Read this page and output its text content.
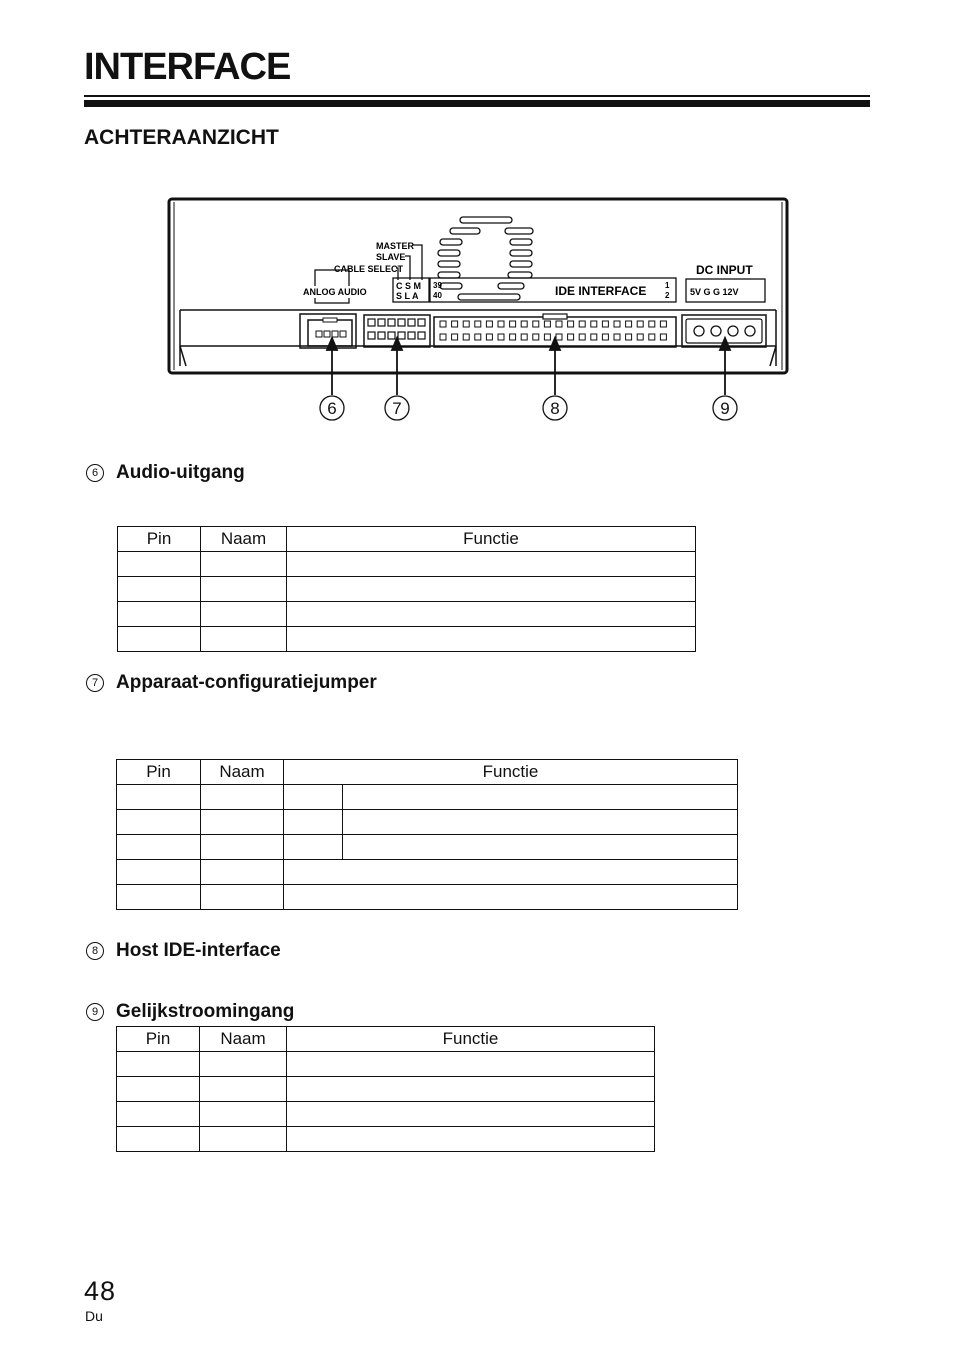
INTERFACE
ACHTERAANZICHT
MASTER
SLAVE
CABLE SELECT
ANLOG AUDIO
C S M
S L A
39
40	IDE INTERFACE 1
2
DC INPUT
5V G G 12V
6	7	8	9
6 Audio-uitgang
Pin	Naam	Functie

7 Apparaat-configuratiejumper
Pin	Naam	Functie	

8 Host IDE-interface
9 Gelijkstroomingang
Pin	Naam	Functie

48
Du
